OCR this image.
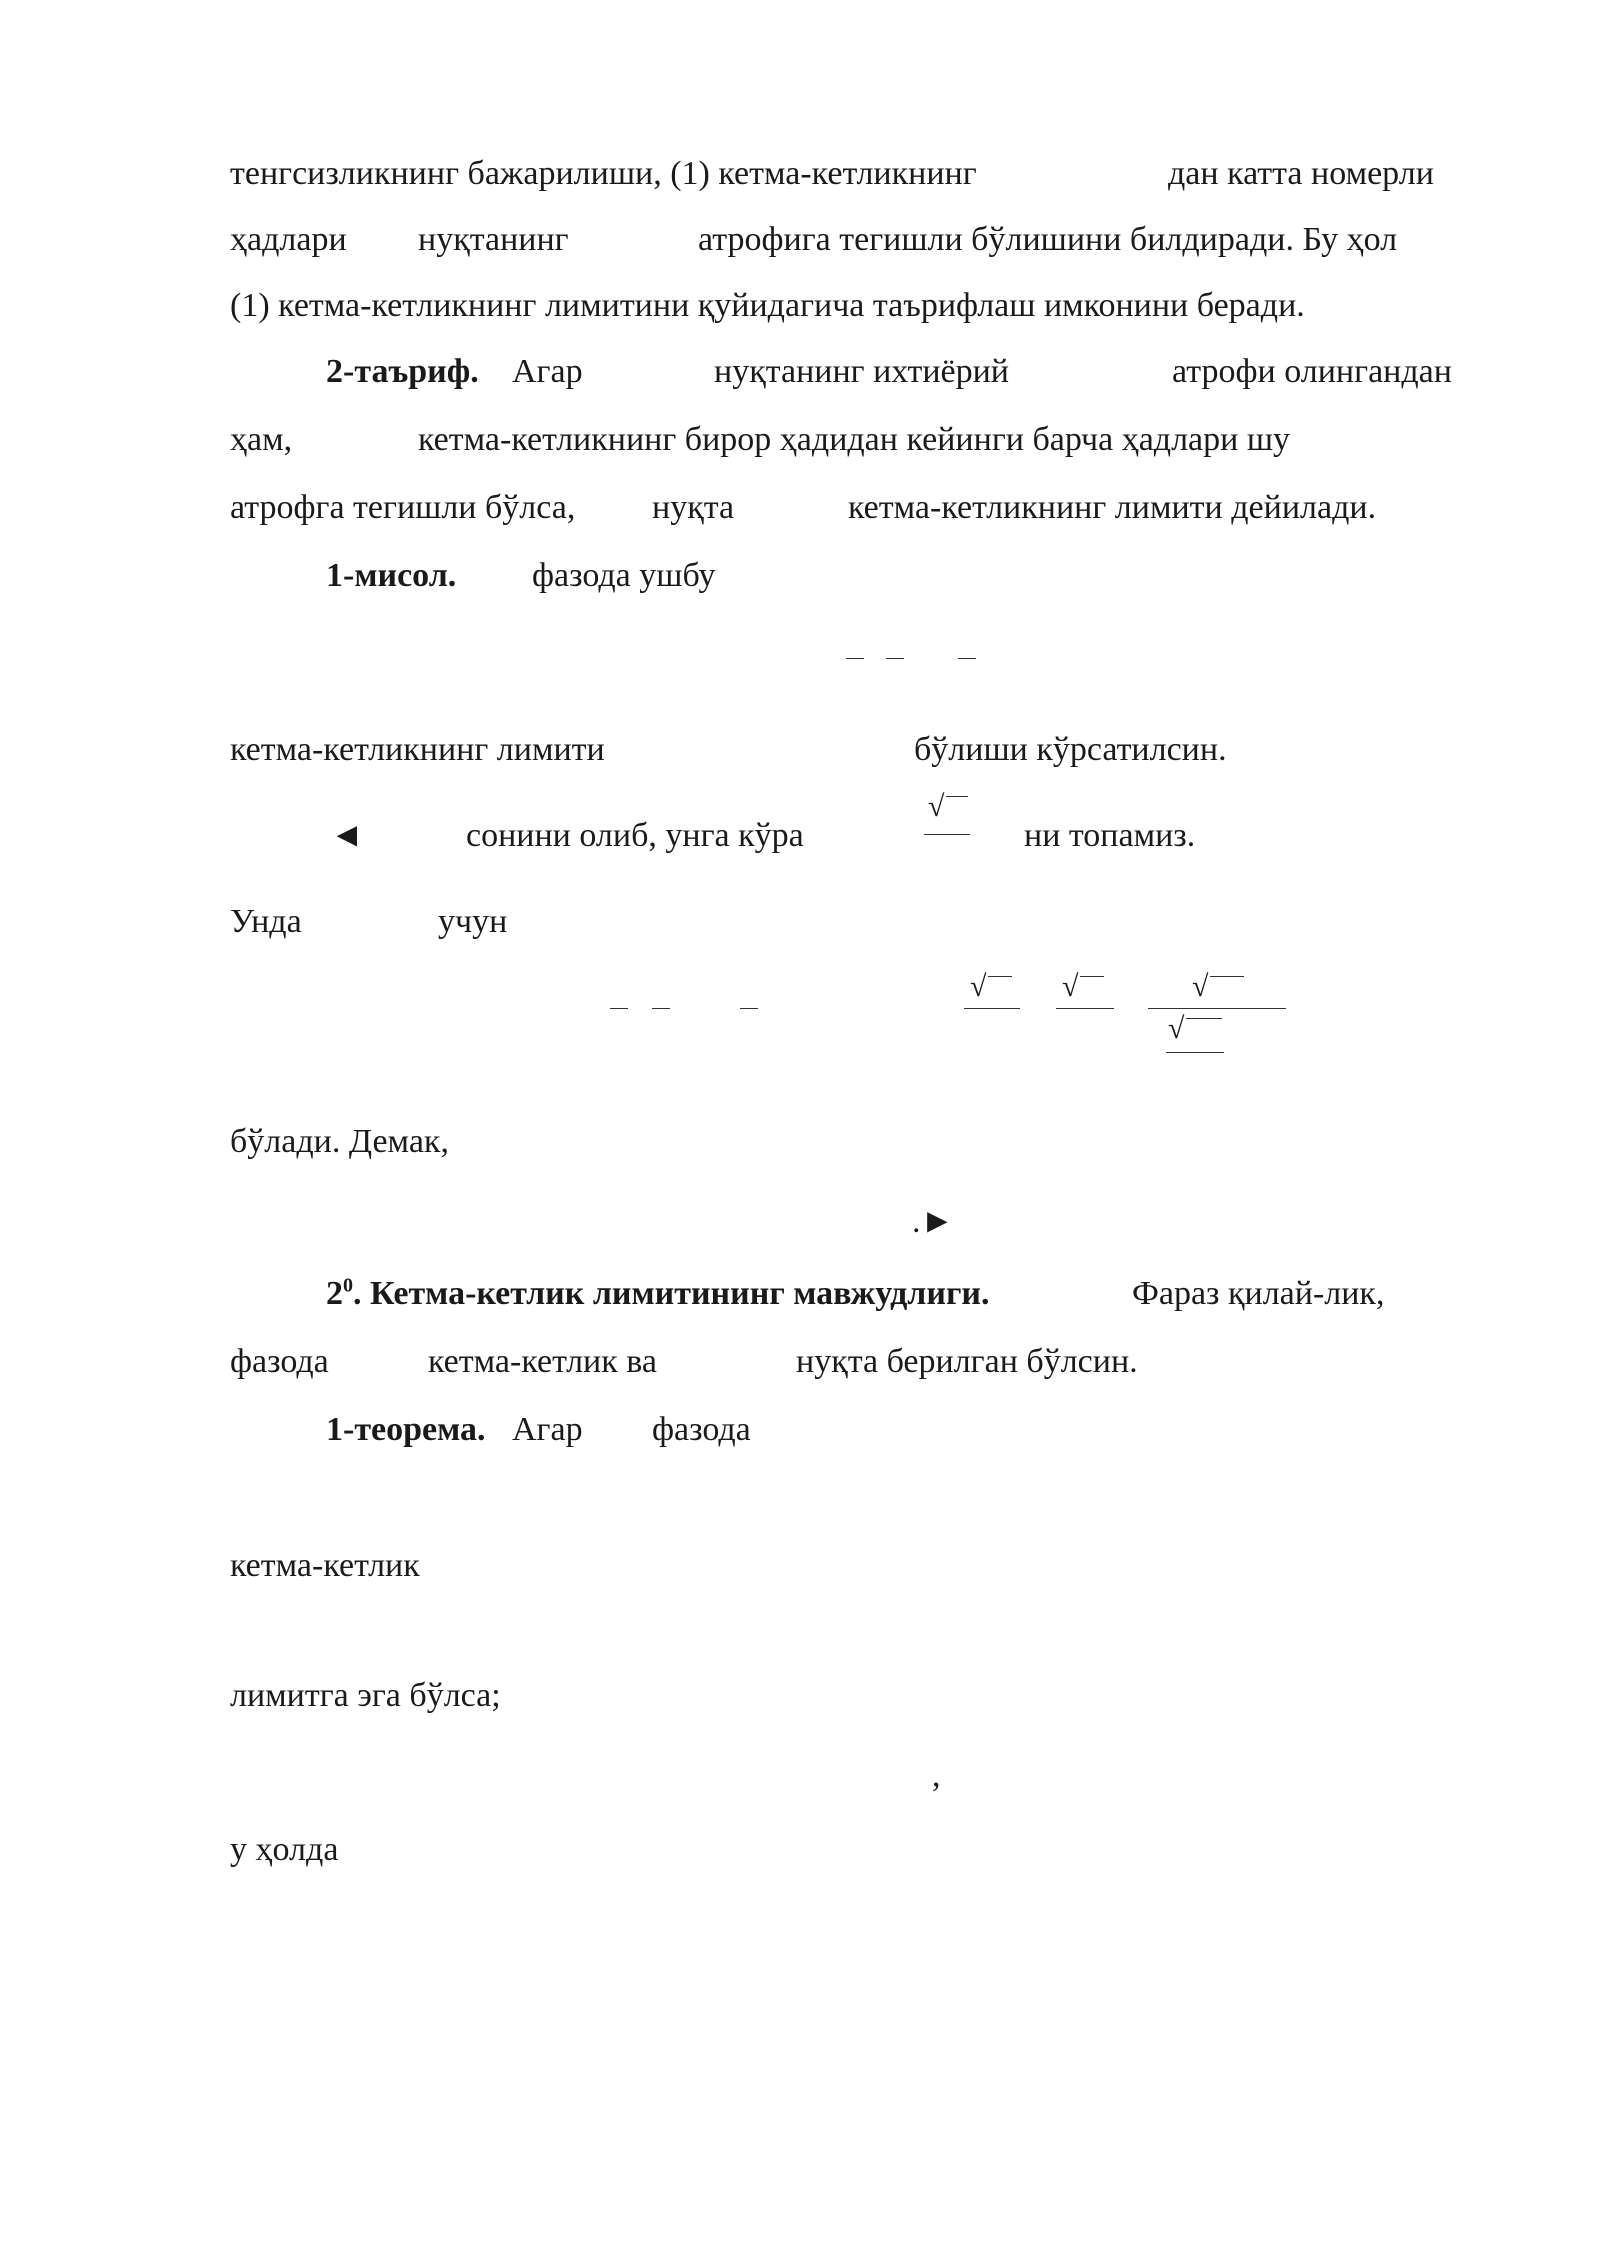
тенгсизликнинг бажарилиши, (1) кетма-кетликнинг	дан катта номерли
ҳадлари нуқтанинг	атрофига тегишли бўлишини билдиради. Бу ҳол
(1) кетма-кетликнинг лимитини қуйидагича таърифлаш имконини беради.
2-таъриф. Агар	нуқтанинг ихтиёрий	атрофи олингандан
ҳам,	кетма-кетликнинг бирор ҳадидан кейинги барча ҳадлари шу
атрофга тегишли бўлса, нуқта	кетма-кетликнинг лимити дейилади.
1-мисол. фазода ушбу
кетма-кетликнинг лимити	бўлиши кўрсатилсин.
◄	сонини олиб, унга кўра
√
ни топамиз.
Унда	учун
√	√	√
√
бўлади. Демак,
.►
$2^0$. Кетма-кетлик лимитининг мавжудлиги.	Фараз қилай-лик,
фазода	кетма-кетлик ва	нуқта берилган бўлсин.
1-теорема. Агар фазода
кетма-кетлик
лимитга эга бўлса;
,
у ҳолда
